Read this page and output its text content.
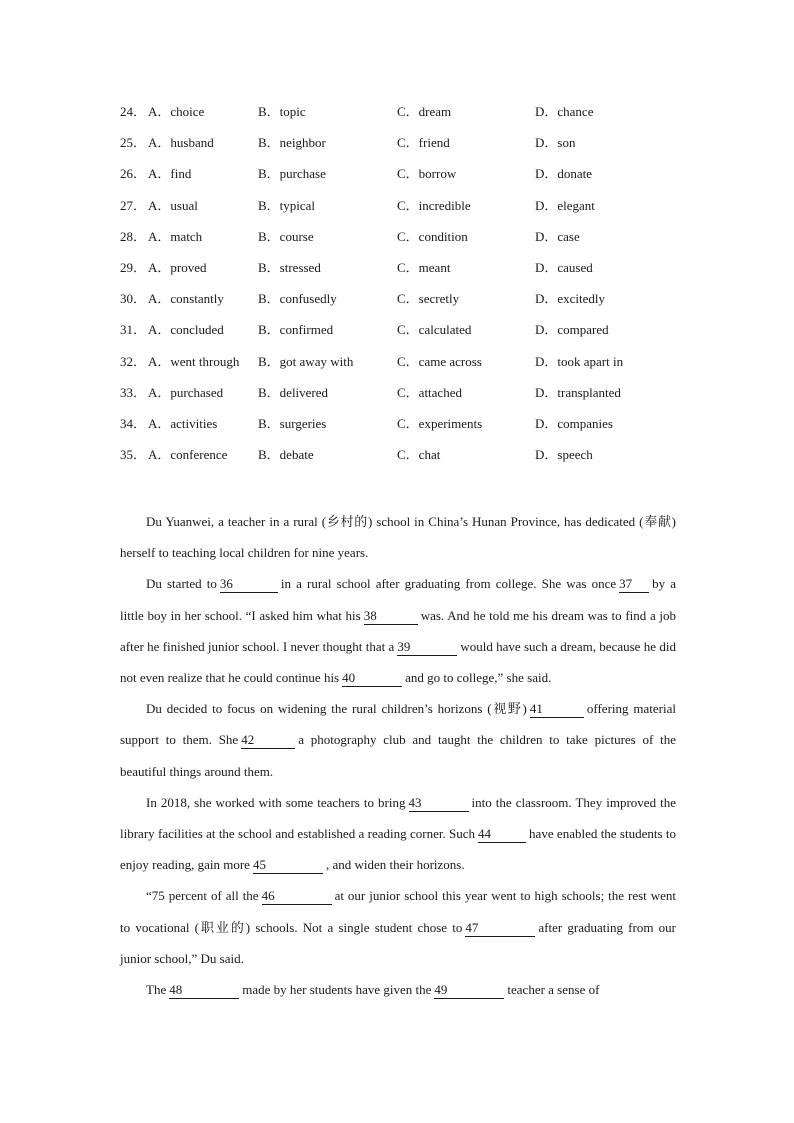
24． A．choice	B．topic	C．dream	D．chance
25． A．husband	B．neighbor	C．friend	D．son
26． A．find	B．purchase	C．borrow	D．donate
27． A．usual	B．typical	C．incredible	D．elegant
28． A．match	B．course	C．condition	D．case
29． A．proved	B．stressed	C．meant	D．caused
30． A．constantly	B．confusedly	C．secretly	D．excitedly
31． A．concluded	B．confirmed	C．calculated	D．compared
32． A．went through B．got away with	C．came across	D．took apart in
33． A．purchased	B．delivered	C．attached	D．transplanted
34． A．activities	B．surgeries	C．experiments	D．companies
35． A．conference B．debate	C．chat	D．speech

Du Yuanwei, a teacher in a rural (乡村的) school in China’s Hunan Province, has dedicated (奉献) herself to teaching local children for nine years.

Du started to 36	in a rural school after graduating from college. She was once 37 by a little boy in her school. “I asked him what his 38	was. And he told me his dream was to find a job after he finished junior school. I never thought that a 39	would have such a dream, because he did not even realize that he could continue his 40	and go to college,” she said.

Du decided to focus on widening the rural children’s horizons (视野) 41	offering material support to them. She 42	a photography club and taught the children to take pictures of the beautiful things around them.

In 2018, she worked with some teachers to bring 43	into the classroom. They improved the library facilities at the school and established a reading corner. Such 44	have enabled the students to enjoy reading, gain more 45	, and widen their horizons.

“75 percent of all the 46	at our junior school this year went to high schools; the rest went to vocational (职业的) schools. Not a single student chose to 47	after graduating from our junior school,” Du said.

The 48	made by her students have given the 49	teacher a sense of
